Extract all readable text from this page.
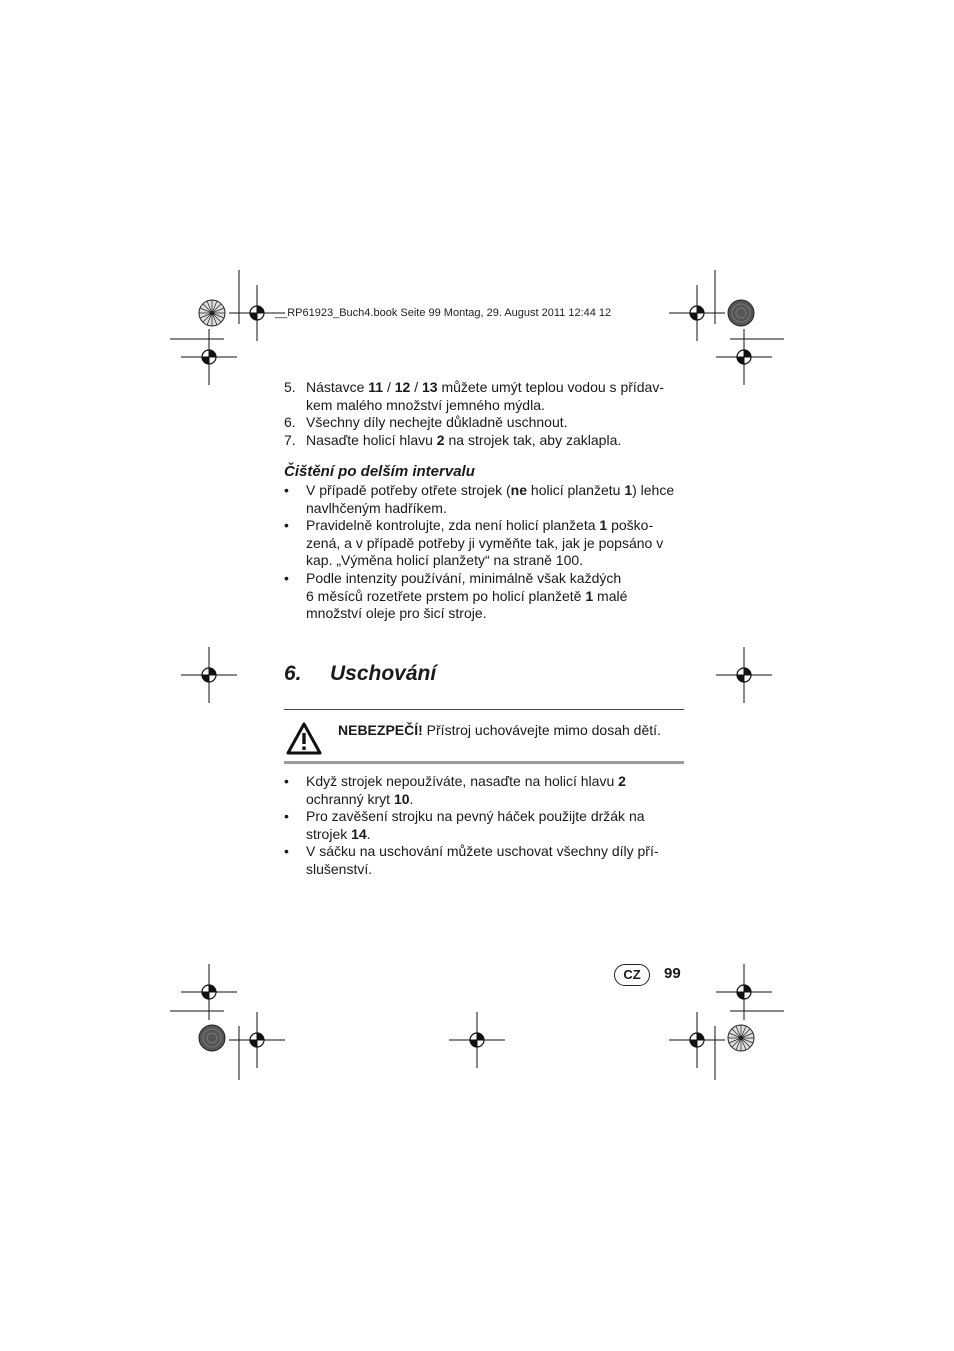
__RP61923_Buch4.book Seite 99 Montag, 29. August 2011 12:44 12
5. Nástavce 11 / 12 / 13 můžete umýt teplou vodou s přídav-
kem malého množství jemného mýdla.
6. Všechny díly nechejte důkladně uschnout.
7. Nasaďte holicí hlavu 2 na strojek tak, aby zaklapla.
Čištění po delším intervalu
• V případě potřeby otřete strojek (ne holicí planžetu 1) lehce
navlhčeným hadříkem.
• Pravidelně kontrolujte, zda není holicí planžeta 1 poško-
zená, a v případě potřeby ji vyměňte tak, jak je popsáno v
kap. „Výměna holicí planžety“ na straně 100.
• Podle intenzity používání, minimálně však každých
6 měsíců rozetřete prstem po holicí planžetě 1 malé
množství oleje pro šicí stroje.
6. Uschování
NEBEZPEČÍ! Přístroj uchovávejte mimo dosah dětí.
• Když strojek nepoužíváte, nasaďte na holicí hlavu 2
ochranný kryt 10.
• Pro zavěšení strojku na pevný háček použijte držák na
strojek 14.
• V sáčku na uschování můžete uschovat všechny díly pří-
slušenství.
CZ	99
